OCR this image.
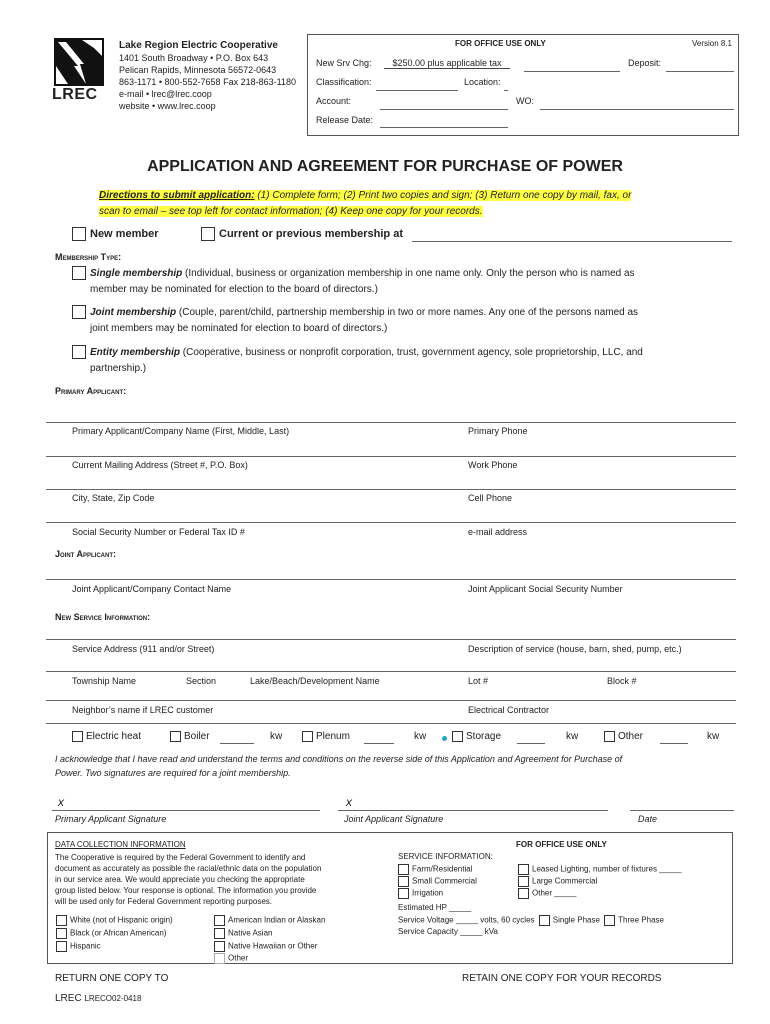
LREC
Lake Region Electric Cooperative
1401 South Broadway • P.O. Box 643
Pelican Rapids, Minnesota 56572-0643
863-1171 • 800-552-7658 Fax 218-863-1180
e-mail • lrec@lrec.coop
website • www.lrec.coop
FOR OFFICE USE ONLY	Version 8.1
New Srv Chg:	$250.00 plus applicable tax	Deposit:
Classification:	Location:
Account:	WO:
Release Date:
APPLICATION AND AGREEMENT FOR PURCHASE OF POWER
Directions to submit application: (1) Complete form; (2) Print two copies and sign; (3) Return one copy by mail, fax, or
scan to email – see top left for contact information; (4) Keep one copy for your records.
New member	Current or previous membership at
Membership Type:
Single membership (Individual, business or organization membership in one name only. Only the person who is named as
member may be nominated for election to the board of directors.)
Joint membership (Couple, parent/child, partnership membership in two or more names. Any one of the persons named as
joint members may be nominated for election to board of directors.)
Entity membership (Cooperative, business or nonprofit corporation, trust, government agency, sole proprietorship, LLC, and
partnership.)
Primary Applicant:
Primary Applicant/Company Name (First, Middle, Last)	Primary Phone
Current Mailing Address (Street #, P.O. Box)	Work Phone
City, State, Zip Code	Cell Phone
Social Security Number or Federal Tax ID #	e-mail address
Joint Applicant:
Joint Applicant/Company Contact Name	Joint Applicant Social Security Number
New Service Information:
Service Address (911 and/or Street)	Description of service (house, barn, shed, pump, etc.)
Township Name	Section	Lake/Beach/Development Name	Lot #	Block #
Neighbor’s name if LREC customer	Electrical Contractor
Electric heat	Boiler	kw	Plenum	kw	Storage	kw	Other	kw
I acknowledge that I have read and understand the terms and conditions on the reverse side of this Application and Agreement for Purchase of
Power. Two signatures are required for a joint membership.
x
Primary Applicant Signature
x
Joint Applicant Signature	Date
DATA COLLECTION INFORMATION
The Cooperative is required by the Federal Government to identify and
document as accurately as possible the racial/ethnic data on the population
in our service area. We would appreciate you checking the appropriate
group listed below. Your response is optional. The information you provide
will be used only for Federal Government reporting purposes.
White (not of Hispanic origin)
Black (or African American)
Hispanic
American Indian or Alaskan
Native Asian
Native Hawaiian or Other
Other
FOR OFFICE USE ONLY
SERVICE INFORMATION:
Farm/Residential
Small Commercial
Irrigation
Leased Lighting, number of fixtures _____
Large Commercial
Other _____
Estimated HP _____
Service Voltage _____ volts, 60 cycles Single Phase Three Phase
Service Capacity _____ kVa
RETURN ONE COPY TO
LREC LRECO02-0418
RETAIN ONE COPY FOR YOUR RECORDS
